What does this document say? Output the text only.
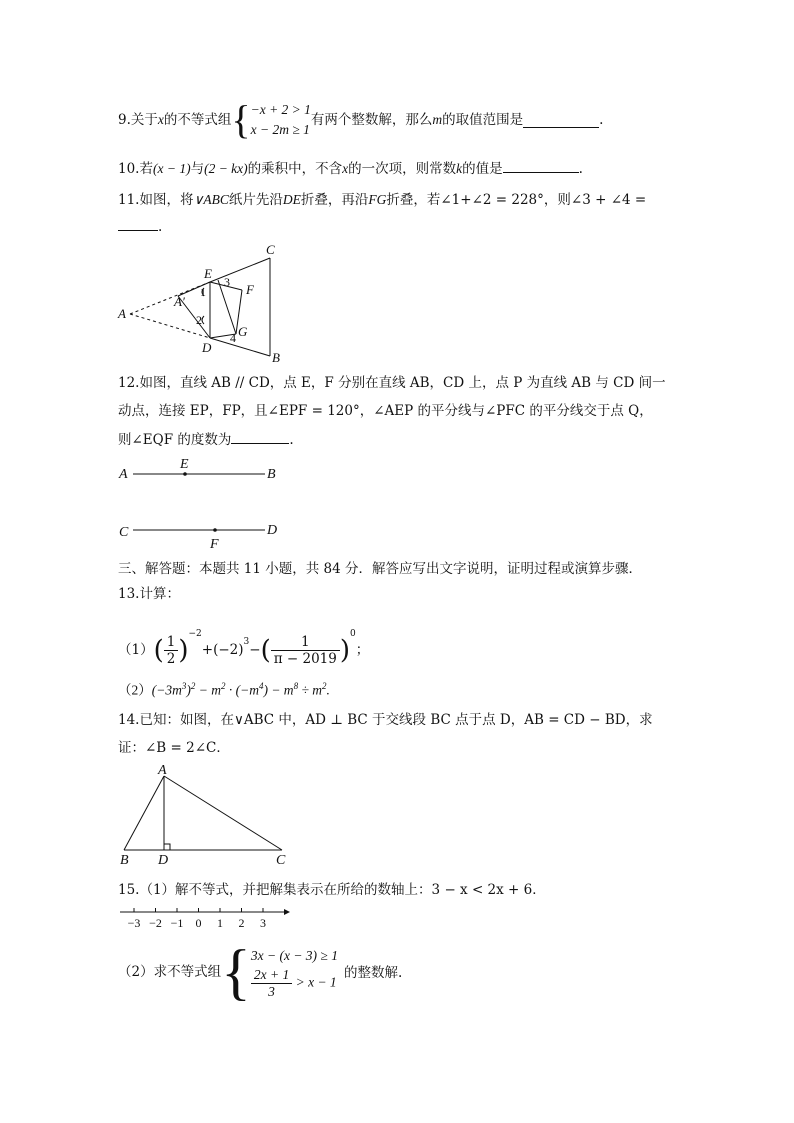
9.关于x的不等式组{ −x + 2 > 1
x − 2m ≥ 1
有两个整数解，那么m的取值范围是	.
10.若(x − 1)与(2 − kx)的乘积中，不含x的一次项，则常数k的值是	.
11.如图，将∨ABC纸片先沿DE折叠，再沿FG折叠，若∠1+∠2 = 228°，则∠3 + ∠4 =
.
A
A′
B
C
D
E
F
G
1
2
3
4
12.如图，直线 AB // CD，点 E，F 分别在直线 AB，CD 上，点 P 为直线 AB 与 CD 间一
动点，连接 EP，FP，且∠EPF = 120°，∠AEP 的平分线与∠PFC 的平分线交于点 Q，
则∠EQF 的度数为	.
A	B
C	D
E
F
三、解答题：本题共 11 小题，共 84 分．解答应写出文字说明，证明过程或演算步骤．
13.计算：
$(1)( \frac{1}{2} )^{-2}+(-2)^3-( \frac{1}{\pi - 2019} )^0$；
$(2)(-3m^3)^2 - m^2 \cdot (-m^4) - m^8 \div m^2$.
14.已知：如图，在∨ABC 中，AD ⊥ BC 于交线段 BC 点于点 D，AB = CD − BD，求
证：∠B = 2∠C．
A
B D	C
15.（1）解不等式，并把解集表示在所给的数轴上：3 − x < 2x + 6．
−3 −2 −1 0 1 2 3
（2）求不等式组{ 3x − (x − 3) ≥ 1
$\frac{2x + 1}{3} > x - 1$
的整数解.
